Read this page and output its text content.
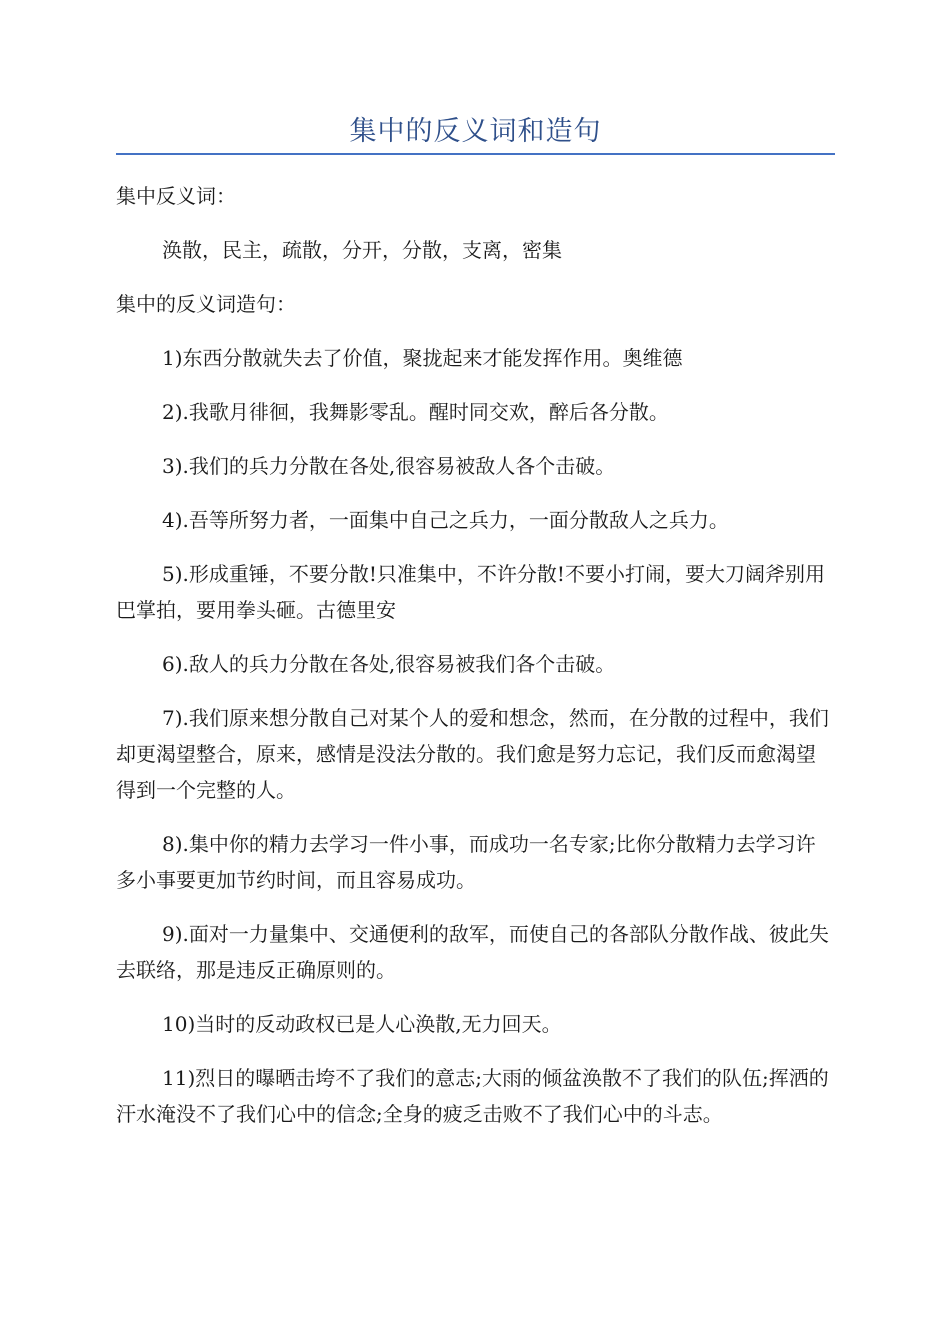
集中的反义词和造句

集中反义词：

涣散，民主，疏散，分开，分散，支离，密集

集中的反义词造句：

1)东西分散就失去了价值，聚拢起来才能发挥作用。奥维德

2).我歌月徘徊，我舞影零乱。醒时同交欢，醉后各分散。

3).我们的兵力分散在各处,很容易被敌人各个击破。

4).吾等所努力者，一面集中自己之兵力，一面分散敌人之兵力。

5).形成重锤，不要分散!只准集中，不许分散!不要小打闹，要大刀阔斧别用巴掌拍，要用拳头砸。古德里安

6).敌人的兵力分散在各处,很容易被我们各个击破。

7).我们原来想分散自己对某个人的爱和想念，然而，在分散的过程中，我们却更渴望整合，原来，感情是没法分散的。我们愈是努力忘记，我们反而愈渴望得到一个完整的人。

8).集中你的精力去学习一件小事，而成功一名专家;比你分散精力去学习许多小事要更加节约时间，而且容易成功。

9).面对一力量集中、交通便利的敌军，而使自己的各部队分散作战、彼此失去联络，那是违反正确原则的。

10)当时的反动政权已是人心涣散,无力回天。

11)烈日的曝晒击垮不了我们的意志;大雨的倾盆涣散不了我们的队伍;挥洒的汗水淹没不了我们心中的信念;全身的疲乏击败不了我们心中的斗志。
